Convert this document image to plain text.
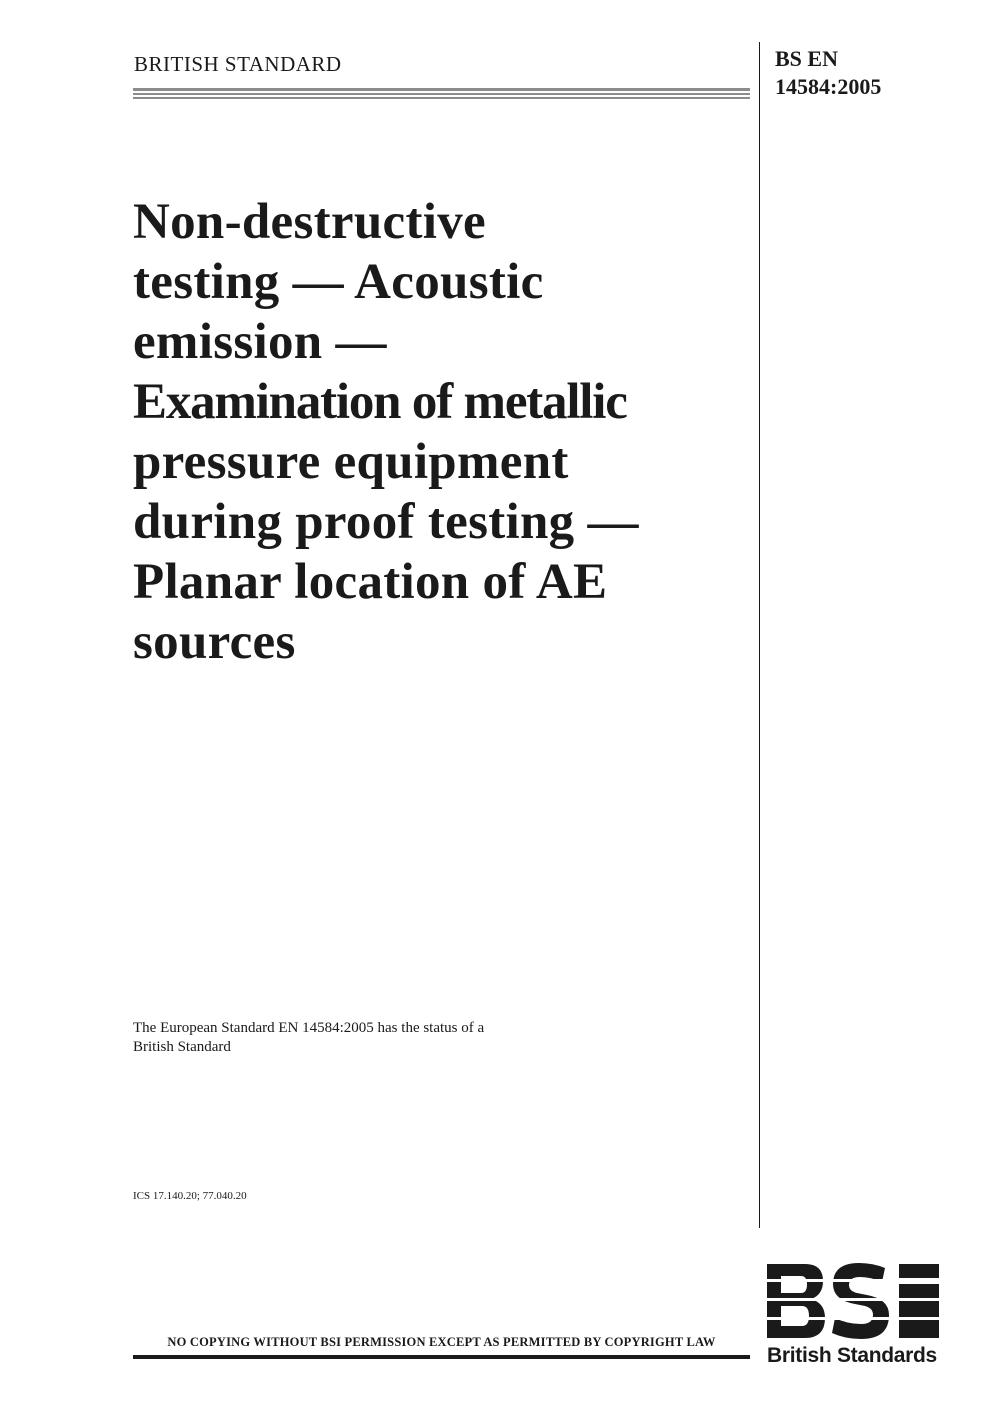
BRITISH STANDARD	BS EN
14584:2005
Non-destructive
testing — Acoustic
emission —
Examination of metallic
pressure equipment
during proof testing —
Planar location of AE
sources
The European Standard EN 14584:2005 has the status of a
British Standard
ICS 17.140.20; 77.040.20
NO COPYING WITHOUT BSI PERMISSION EXCEPT AS PERMITTED BY COPYRIGHT LAW
British Standards
